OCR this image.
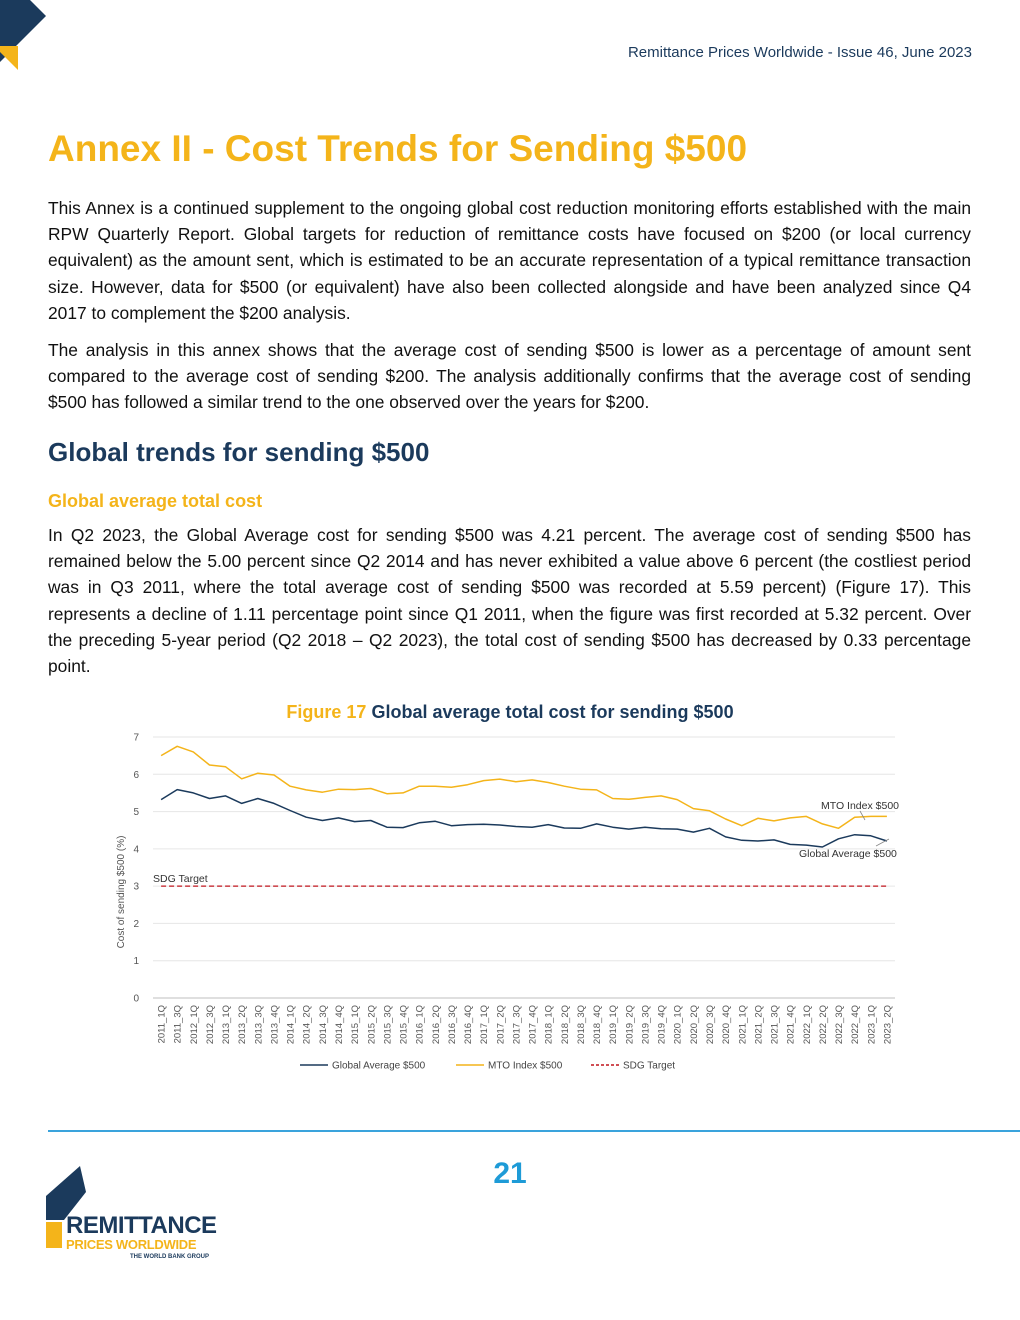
Remittance Prices Worldwide - Issue 46, June 2023
Annex II - Cost Trends for Sending $500

This Annex is a continued supplement to the ongoing global cost reduction monitoring efforts established with the main RPW Quarterly Report. Global targets for reduction of remittance costs have focused on $200 (or local currency equivalent) as the amount sent, which is estimated to be an accurate representation of a typical remittance transaction size. However, data for $500 (or equivalent) have also been collected alongside and have been analyzed since Q4 2017 to complement the $200 analysis.

The analysis in this annex shows that the average cost of sending $500 is lower as a percentage of amount sent compared to the average cost of sending $200. The analysis additionally confirms that the average cost of sending $500 has followed a similar trend to the one observed over the years for $200.

Global trends for sending $500
Global average total cost

In Q2 2023, the Global Average cost for sending $500 was 4.21 percent. The average cost of sending $500 has remained below the 5.00 percent since Q2 2014 and has never exhibited a value above 6 percent (the costliest period was in Q3 2011, where the total average cost of sending $500 was recorded at 5.59 percent) (Figure 17). This represents a decline of 1.11 percentage point since Q1 2011, when the figure was first recorded at 5.32 percent. Over the preceding 5-year period (Q2 2018 – Q2 2023), the total cost of sending $500 has decreased by 0.33 percentage point.

Figure 17 Global average total cost for sending $500
0
1
2
3
4
5
6
7
2011_1Q 2011_3Q 2012_1Q 2012_3Q 2013_1Q 2013_2Q 2013_3Q 2013_4Q 2014_1Q 2014_2Q 2014_3Q 2014_4Q 2015_1Q 2015_2Q 2015_3Q 2015_4Q 2016_1Q 2016_2Q 2016_3Q 2016_4Q 2017_1Q 2017_2Q 2017_3Q 2017_4Q 2018_1Q 2018_2Q 2018_3Q 2018_4Q 2019_1Q 2019_2Q 2019_3Q 2019_4Q 2020_1Q 2020_2Q 2020_3Q 2020_4Q 2021_1Q 2021_2Q 2021_3Q 2021_4Q 2022_1Q 2022_2Q 2022_3Q 2022_4Q 2023_1Q 2023_2Q
Cost of sending $500 (%) SDG Target
MTO Index $500
Global Average $500
Global Average $500	MTO Index $500	SDG Target
21
REMITTANCE
PRICES WORLDWIDE
THE WORLD BANK GROUP
